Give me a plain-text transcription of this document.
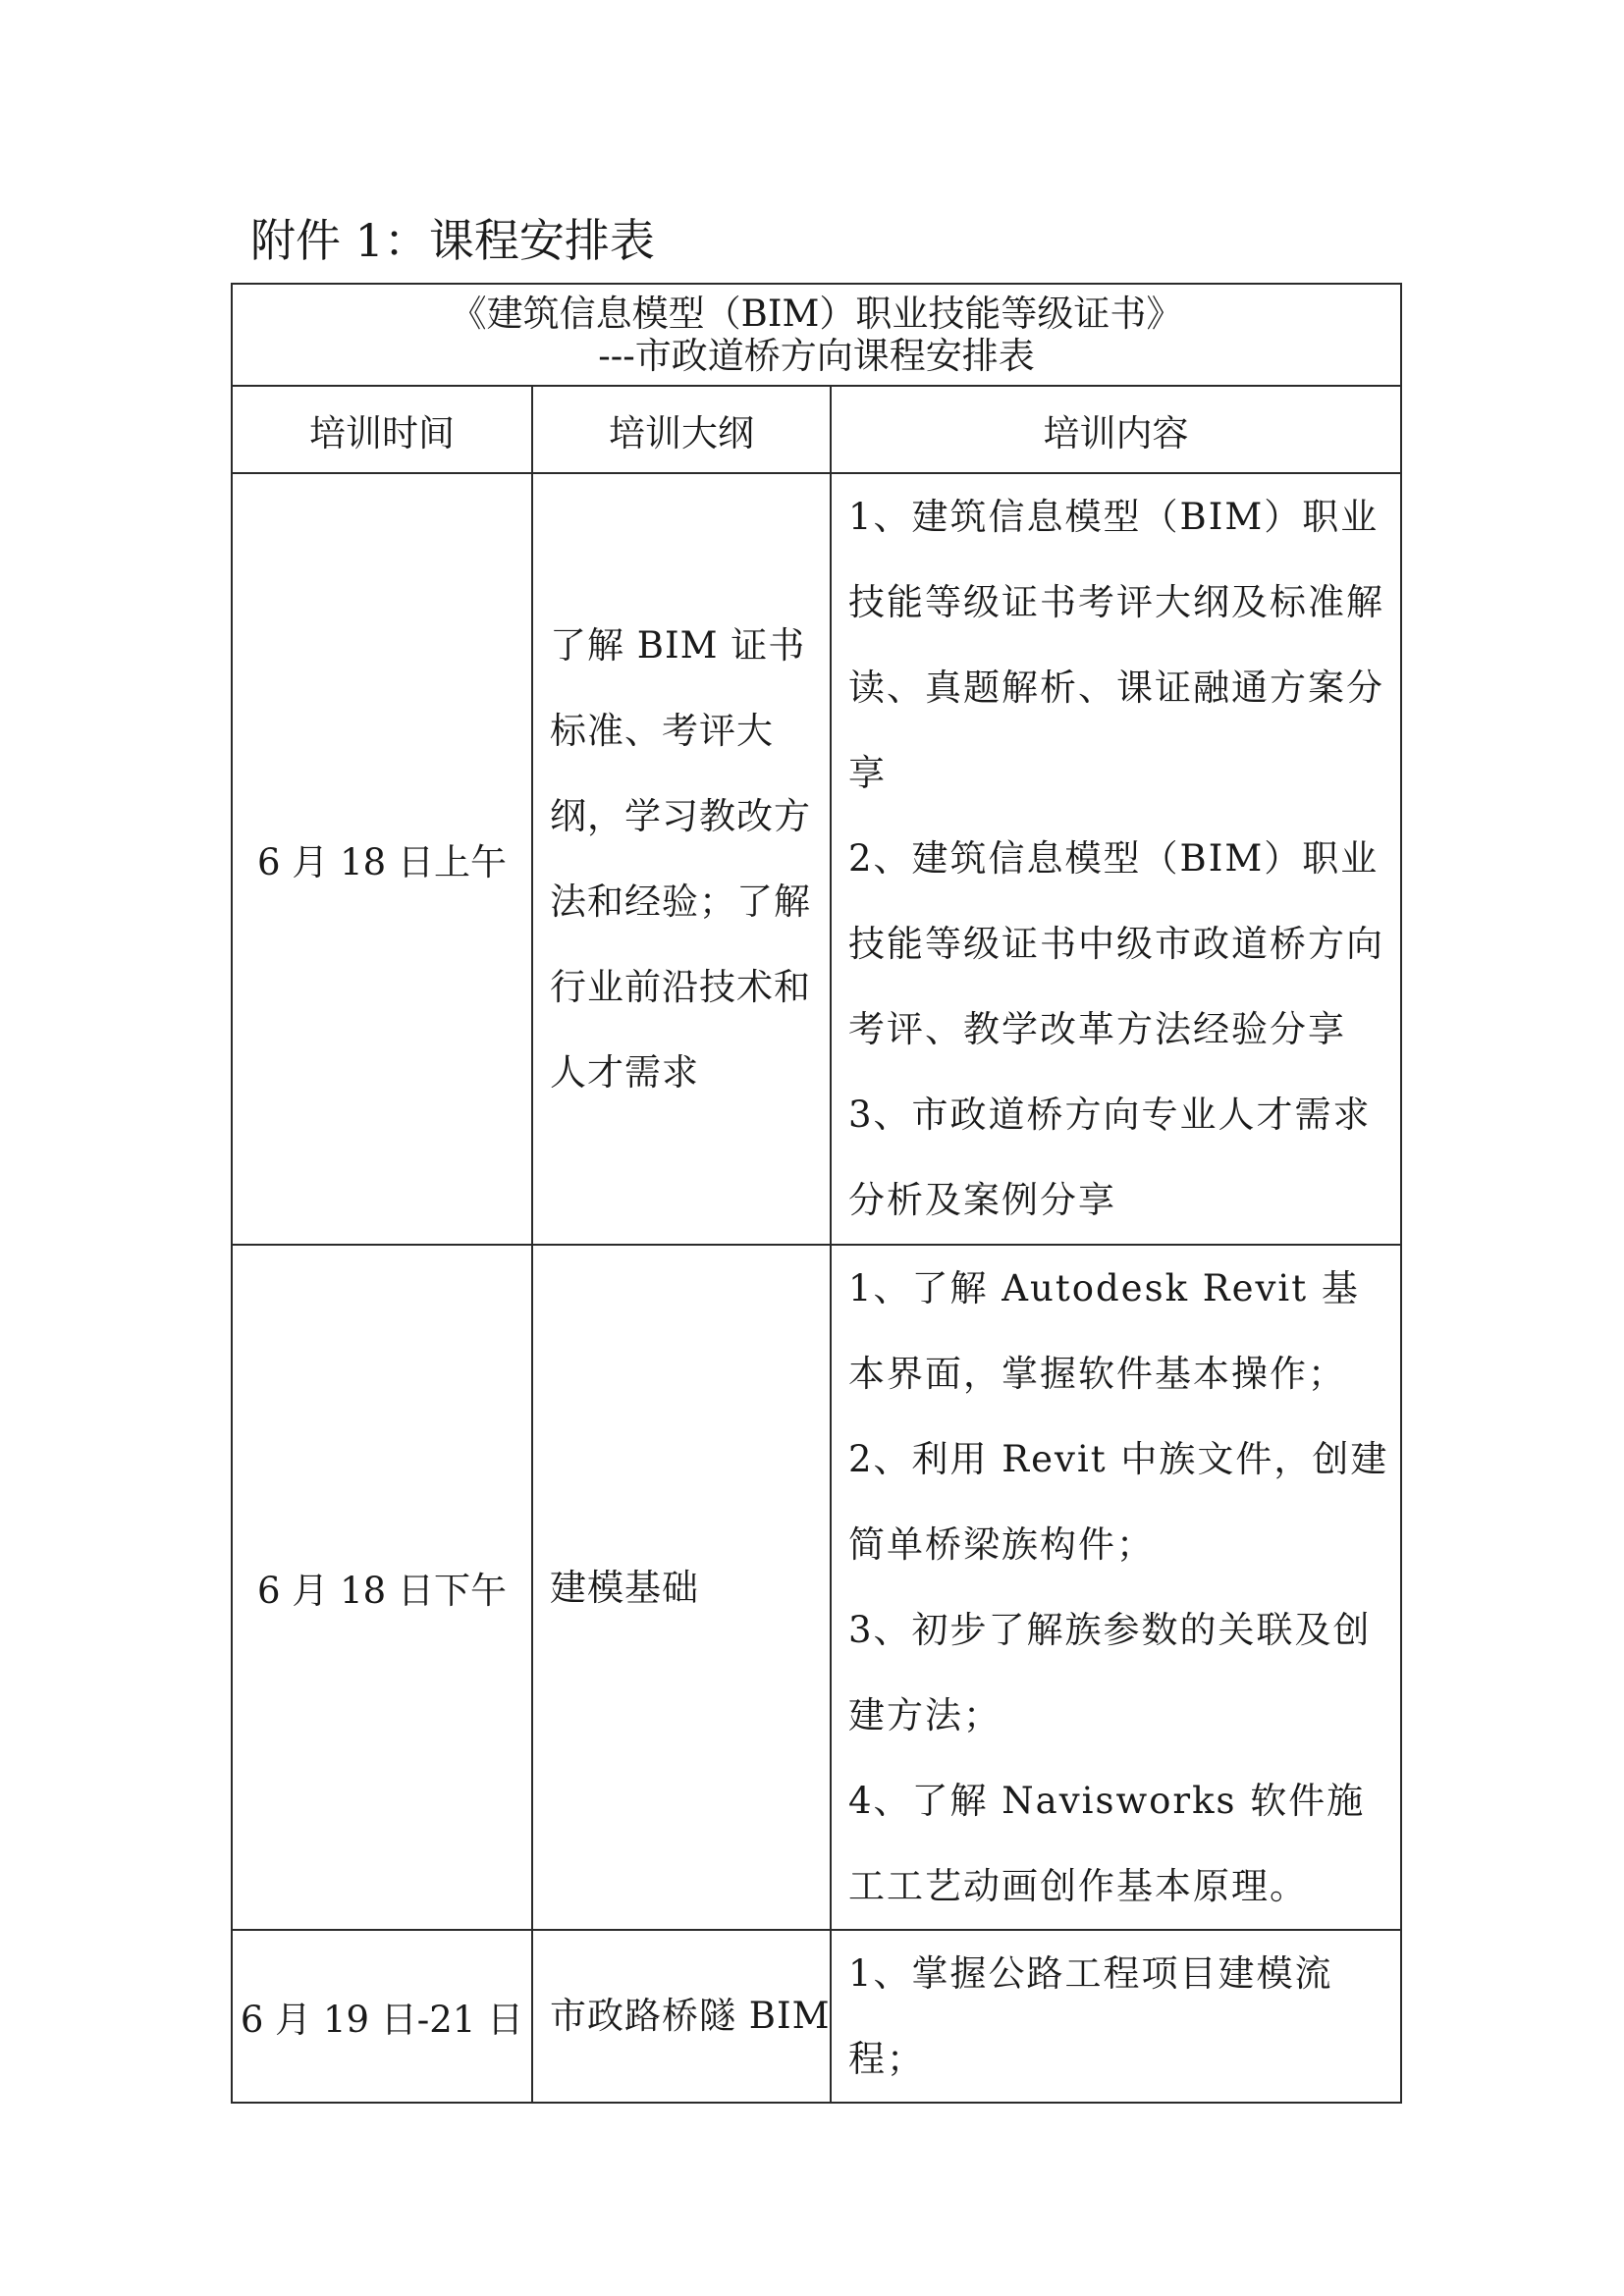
附件 1：课程安排表
《建筑信息模型（BIM）职业技能等级证书》
---市政道桥方向课程安排表		

培训时间	培训大纲	培训内容
6 月 18 日上午	了解 BIM 证书标准、考评大纲，学习教改方法和经验；了解行业前沿技术和人才需求	1、建筑信息模型（BIM）职业技能等级证书考评大纲及标准解读、真题解析、课证融通方案分享
2、建筑信息模型（BIM）职业技能等级证书中级市政道桥方向考评、教学改革方法经验分享
3、市政道桥方向专业人才需求分析及案例分享

6 月 18 日下午	建模基础	1、了解 Autodesk Revit 基本界面，掌握软件基本操作；
2、利用 Revit 中族文件，创建简单桥梁族构件；
3、初步了解族参数的关联及创建方法；
4、了解 Navisworks 软件施工工艺动画创作基本原理。

6 月 19 日-21 日	市政路桥隧 BIM	1、掌握公路工程项目建模流程；
